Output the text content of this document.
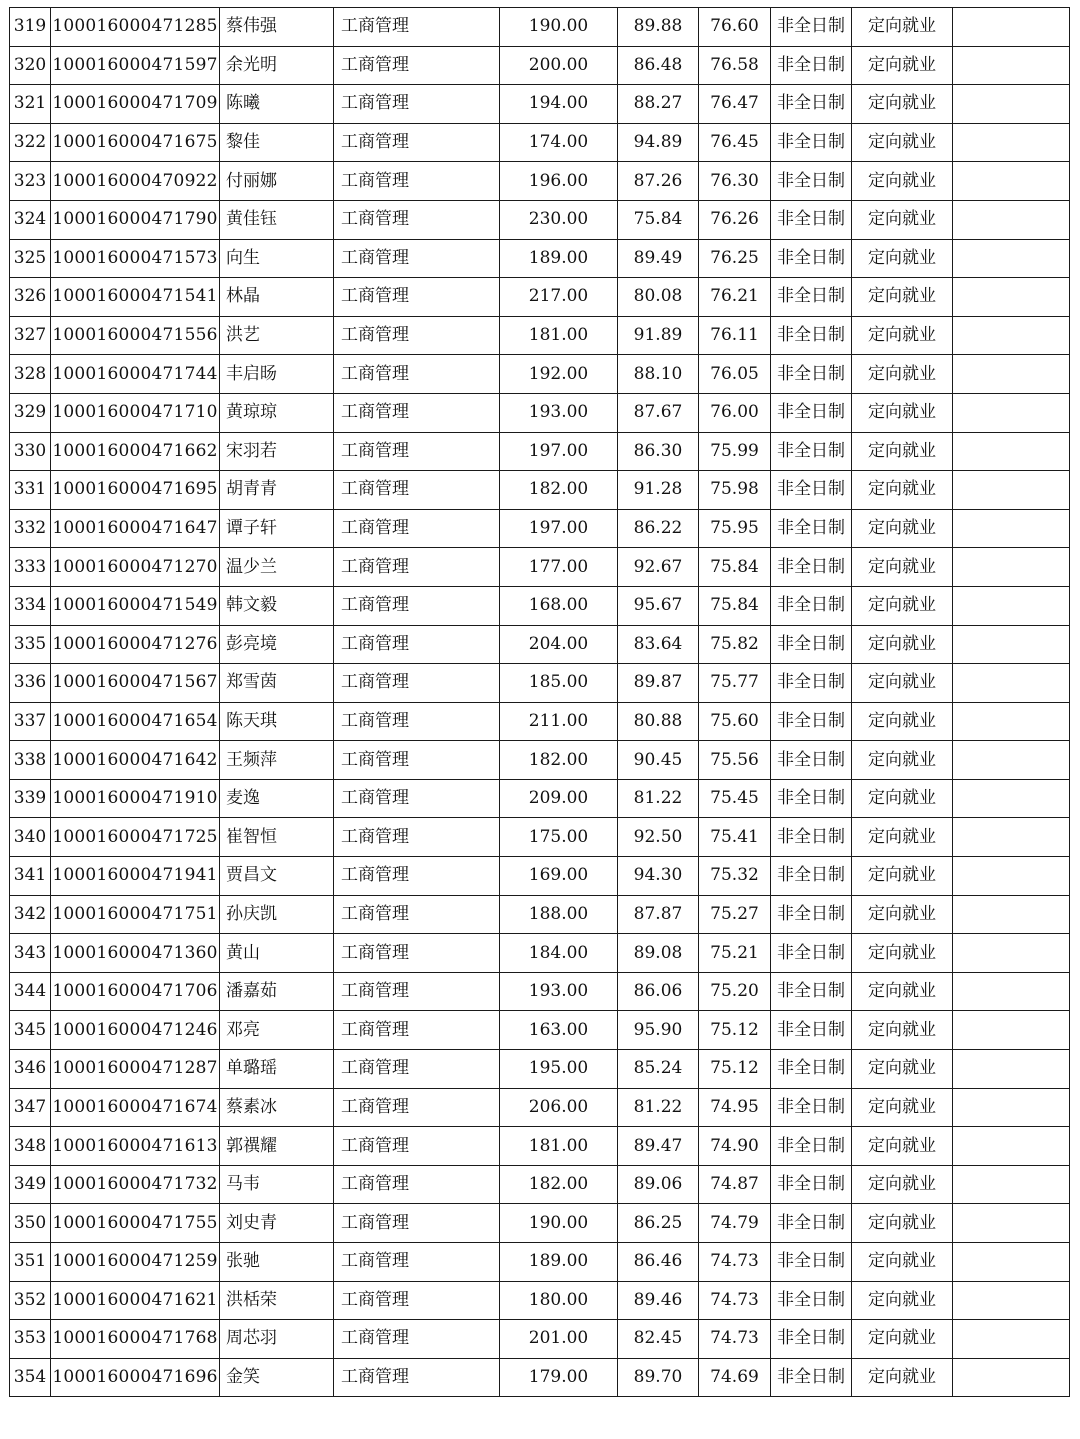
319	100016000471285	蔡伟强	工商管理	190.00	89.88	76.60	非全日制	定向就业	
320	100016000471597	余光明	工商管理	200.00	86.48	76.58	非全日制	定向就业	
321	100016000471709	陈曦	工商管理	194.00	88.27	76.47	非全日制	定向就业	
322	100016000471675	黎佳	工商管理	174.00	94.89	76.45	非全日制	定向就业	
323	100016000470922	付丽娜	工商管理	196.00	87.26	76.30	非全日制	定向就业	
324	100016000471790	黄佳钰	工商管理	230.00	75.84	76.26	非全日制	定向就业	
325	100016000471573	向生	工商管理	189.00	89.49	76.25	非全日制	定向就业	
326	100016000471541	林晶	工商管理	217.00	80.08	76.21	非全日制	定向就业	
327	100016000471556	洪艺	工商管理	181.00	91.89	76.11	非全日制	定向就业	
328	100016000471744	丰启旸	工商管理	192.00	88.10	76.05	非全日制	定向就业	
329	100016000471710	黄琼琼	工商管理	193.00	87.67	76.00	非全日制	定向就业	
330	100016000471662	宋羽若	工商管理	197.00	86.30	75.99	非全日制	定向就业	
331	100016000471695	胡青青	工商管理	182.00	91.28	75.98	非全日制	定向就业	
332	100016000471647	谭子轩	工商管理	197.00	86.22	75.95	非全日制	定向就业	
333	100016000471270	温少兰	工商管理	177.00	92.67	75.84	非全日制	定向就业	
334	100016000471549	韩文毅	工商管理	168.00	95.67	75.84	非全日制	定向就业	
335	100016000471276	彭亮境	工商管理	204.00	83.64	75.82	非全日制	定向就业	
336	100016000471567	郑雪茵	工商管理	185.00	89.87	75.77	非全日制	定向就业	
337	100016000471654	陈天琪	工商管理	211.00	80.88	75.60	非全日制	定向就业	
338	100016000471642	王频萍	工商管理	182.00	90.45	75.56	非全日制	定向就业	
339	100016000471910	麦逸	工商管理	209.00	81.22	75.45	非全日制	定向就业	
340	100016000471725	崔智恒	工商管理	175.00	92.50	75.41	非全日制	定向就业	
341	100016000471941	贾昌文	工商管理	169.00	94.30	75.32	非全日制	定向就业	
342	100016000471751	孙庆凯	工商管理	188.00	87.87	75.27	非全日制	定向就业	
343	100016000471360	黄山	工商管理	184.00	89.08	75.21	非全日制	定向就业	
344	100016000471706	潘嘉茹	工商管理	193.00	86.06	75.20	非全日制	定向就业	
345	100016000471246	邓亮	工商管理	163.00	95.90	75.12	非全日制	定向就业	
346	100016000471287	单璐瑶	工商管理	195.00	85.24	75.12	非全日制	定向就业	
347	100016000471674	蔡素冰	工商管理	206.00	81.22	74.95	非全日制	定向就业	
348	100016000471613	郭禩耀	工商管理	181.00	89.47	74.90	非全日制	定向就业	
349	100016000471732	马韦	工商管理	182.00	89.06	74.87	非全日制	定向就业	
350	100016000471755	刘史青	工商管理	190.00	86.25	74.79	非全日制	定向就业	
351	100016000471259	张驰	工商管理	189.00	86.46	74.73	非全日制	定向就业	
352	100016000471621	洪栝荣	工商管理	180.00	89.46	74.73	非全日制	定向就业	
353	100016000471768	周芯羽	工商管理	201.00	82.45	74.73	非全日制	定向就业	
354	100016000471696	金笑	工商管理	179.00	89.70	74.69	非全日制	定向就业	
